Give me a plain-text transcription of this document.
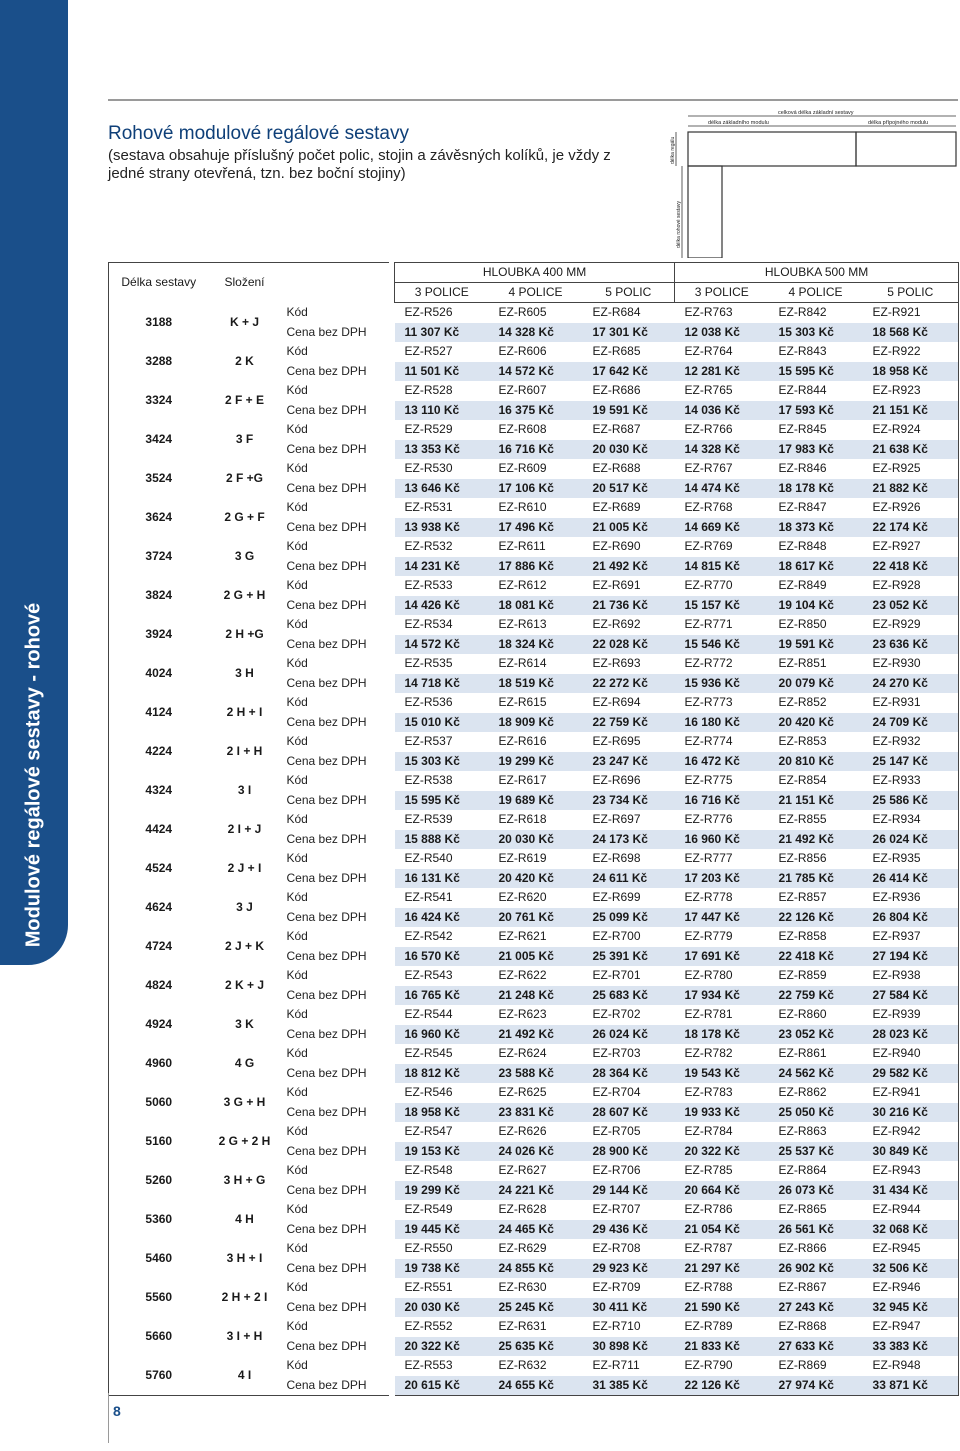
Modulové regálové sestavy - rohové
Rohové modulové regálové sestavy
(sestava obsahuje příslušný počet polic, stojin a závěsných kolíků, je vždy z jedné strany otevřená, tzn. bez boční stojiny)
celková délka základní sestavy
délka základního modulu	délka přípojného modulu
délka regálu
délka rohové sestavy
Délka sestavy	Složení			HLOUBKA 400 MM			HLOUBKA 500 MM		
				3 POLICE	4 POLICE	5 POLIC	3 POLICE	4 POLICE	5 POLIC
3188	K + J	Kód		EZ-R526	EZ-R605	EZ-R684	EZ-R763	EZ-R842	EZ-R921
		Cena bez DPH		11 307 Kč	14 328 Kč	17 301 Kč	12 038 Kč	15 303 Kč	18 568 Kč
3288	2 K	Kód		EZ-R527	EZ-R606	EZ-R685	EZ-R764	EZ-R843	EZ-R922
		Cena bez DPH		11 501 Kč	14 572 Kč	17 642 Kč	12 281 Kč	15 595 Kč	18 958 Kč
3324	2 F + E	Kód		EZ-R528	EZ-R607	EZ-R686	EZ-R765	EZ-R844	EZ-R923
		Cena bez DPH		13 110 Kč	16 375 Kč	19 591 Kč	14 036 Kč	17 593 Kč	21 151 Kč
3424	3 F	Kód		EZ-R529	EZ-R608	EZ-R687	EZ-R766	EZ-R845	EZ-R924
		Cena bez DPH		13 353 Kč	16 716 Kč	20 030 Kč	14 328 Kč	17 983 Kč	21 638 Kč
3524	2 F +G	Kód		EZ-R530	EZ-R609	EZ-R688	EZ-R767	EZ-R846	EZ-R925
		Cena bez DPH		13 646 Kč	17 106 Kč	20 517 Kč	14 474 Kč	18 178 Kč	21 882 Kč
3624	2 G + F	Kód		EZ-R531	EZ-R610	EZ-R689	EZ-R768	EZ-R847	EZ-R926
		Cena bez DPH		13 938 Kč	17 496 Kč	21 005 Kč	14 669 Kč	18 373 Kč	22 174 Kč
3724	3 G	Kód		EZ-R532	EZ-R611	EZ-R690	EZ-R769	EZ-R848	EZ-R927
		Cena bez DPH		14 231 Kč	17 886 Kč	21 492 Kč	14 815 Kč	18 617 Kč	22 418 Kč
3824	2 G + H	Kód		EZ-R533	EZ-R612	EZ-R691	EZ-R770	EZ-R849	EZ-R928
		Cena bez DPH		14 426 Kč	18 081 Kč	21 736 Kč	15 157 Kč	19 104 Kč	23 052 Kč
3924	2 H +G	Kód		EZ-R534	EZ-R613	EZ-R692	EZ-R771	EZ-R850	EZ-R929
		Cena bez DPH		14 572 Kč	18 324 Kč	22 028 Kč	15 546 Kč	19 591 Kč	23 636 Kč
4024	3 H	Kód		EZ-R535	EZ-R614	EZ-R693	EZ-R772	EZ-R851	EZ-R930
		Cena bez DPH		14 718 Kč	18 519 Kč	22 272 Kč	15 936 Kč	20 079 Kč	24 270 Kč
4124	2 H + I	Kód		EZ-R536	EZ-R615	EZ-R694	EZ-R773	EZ-R852	EZ-R931
		Cena bez DPH		15 010 Kč	18 909 Kč	22 759 Kč	16 180 Kč	20 420 Kč	24 709 Kč
4224	2 I + H	Kód		EZ-R537	EZ-R616	EZ-R695	EZ-R774	EZ-R853	EZ-R932
		Cena bez DPH		15 303 Kč	19 299 Kč	23 247 Kč	16 472 Kč	20 810 Kč	25 147 Kč
4324	3 I	Kód		EZ-R538	EZ-R617	EZ-R696	EZ-R775	EZ-R854	EZ-R933
		Cena bez DPH		15 595 Kč	19 689 Kč	23 734 Kč	16 716 Kč	21 151 Kč	25 586 Kč
4424	2 I + J	Kód		EZ-R539	EZ-R618	EZ-R697	EZ-R776	EZ-R855	EZ-R934
		Cena bez DPH		15 888 Kč	20 030 Kč	24 173 Kč	16 960 Kč	21 492 Kč	26 024 Kč
4524	2 J + I	Kód		EZ-R540	EZ-R619	EZ-R698	EZ-R777	EZ-R856	EZ-R935
		Cena bez DPH		16 131 Kč	20 420 Kč	24 611 Kč	17 203 Kč	21 785 Kč	26 414 Kč
4624	3 J	Kód		EZ-R541	EZ-R620	EZ-R699	EZ-R778	EZ-R857	EZ-R936
		Cena bez DPH		16 424 Kč	20 761 Kč	25 099 Kč	17 447 Kč	22 126 Kč	26 804 Kč
4724	2 J + K	Kód		EZ-R542	EZ-R621	EZ-R700	EZ-R779	EZ-R858	EZ-R937
		Cena bez DPH		16 570 Kč	21 005 Kč	25 391 Kč	17 691 Kč	22 418 Kč	27 194 Kč
4824	2 K + J	Kód		EZ-R543	EZ-R622	EZ-R701	EZ-R780	EZ-R859	EZ-R938
		Cena bez DPH		16 765 Kč	21 248 Kč	25 683 Kč	17 934 Kč	22 759 Kč	27 584 Kč
4924	3 K	Kód		EZ-R544	EZ-R623	EZ-R702	EZ-R781	EZ-R860	EZ-R939
		Cena bez DPH		16 960 Kč	21 492 Kč	26 024 Kč	18 178 Kč	23 052 Kč	28 023 Kč
4960	4 G	Kód		EZ-R545	EZ-R624	EZ-R703	EZ-R782	EZ-R861	EZ-R940
		Cena bez DPH		18 812 Kč	23 588 Kč	28 364 Kč	19 543 Kč	24 562 Kč	29 582 Kč
5060	3 G + H	Kód		EZ-R546	EZ-R625	EZ-R704	EZ-R783	EZ-R862	EZ-R941
		Cena bez DPH		18 958 Kč	23 831 Kč	28 607 Kč	19 933 Kč	25 050 Kč	30 216 Kč
5160	2 G + 2 H	Kód		EZ-R547	EZ-R626	EZ-R705	EZ-R784	EZ-R863	EZ-R942
		Cena bez DPH		19 153 Kč	24 026 Kč	28 900 Kč	20 322 Kč	25 537 Kč	30 849 Kč
5260	3 H + G	Kód		EZ-R548	EZ-R627	EZ-R706	EZ-R785	EZ-R864	EZ-R943
		Cena bez DPH		19 299 Kč	24 221 Kč	29 144 Kč	20 664 Kč	26 073 Kč	31 434 Kč
5360	4 H	Kód		EZ-R549	EZ-R628	EZ-R707	EZ-R786	EZ-R865	EZ-R944
		Cena bez DPH		19 445 Kč	24 465 Kč	29 436 Kč	21 054 Kč	26 561 Kč	32 068 Kč
5460	3 H + I	Kód		EZ-R550	EZ-R629	EZ-R708	EZ-R787	EZ-R866	EZ-R945
		Cena bez DPH		19 738 Kč	24 855 Kč	29 923 Kč	21 297 Kč	26 902 Kč	32 506 Kč
5560	2 H + 2 I	Kód		EZ-R551	EZ-R630	EZ-R709	EZ-R788	EZ-R867	EZ-R946
		Cena bez DPH		20 030 Kč	25 245 Kč	30 411 Kč	21 590 Kč	27 243 Kč	32 945 Kč
5660	3 I + H	Kód		EZ-R552	EZ-R631	EZ-R710	EZ-R789	EZ-R868	EZ-R947
		Cena bez DPH		20 322 Kč	25 635 Kč	30 898 Kč	21 833 Kč	27 633 Kč	33 383 Kč
5760	4 I	Kód		EZ-R553	EZ-R632	EZ-R711	EZ-R790	EZ-R869	EZ-R948
		Cena bez DPH		20 615 Kč	24 655 Kč	31 385 Kč	22 126 Kč	27 974 Kč	33 871 Kč
8
